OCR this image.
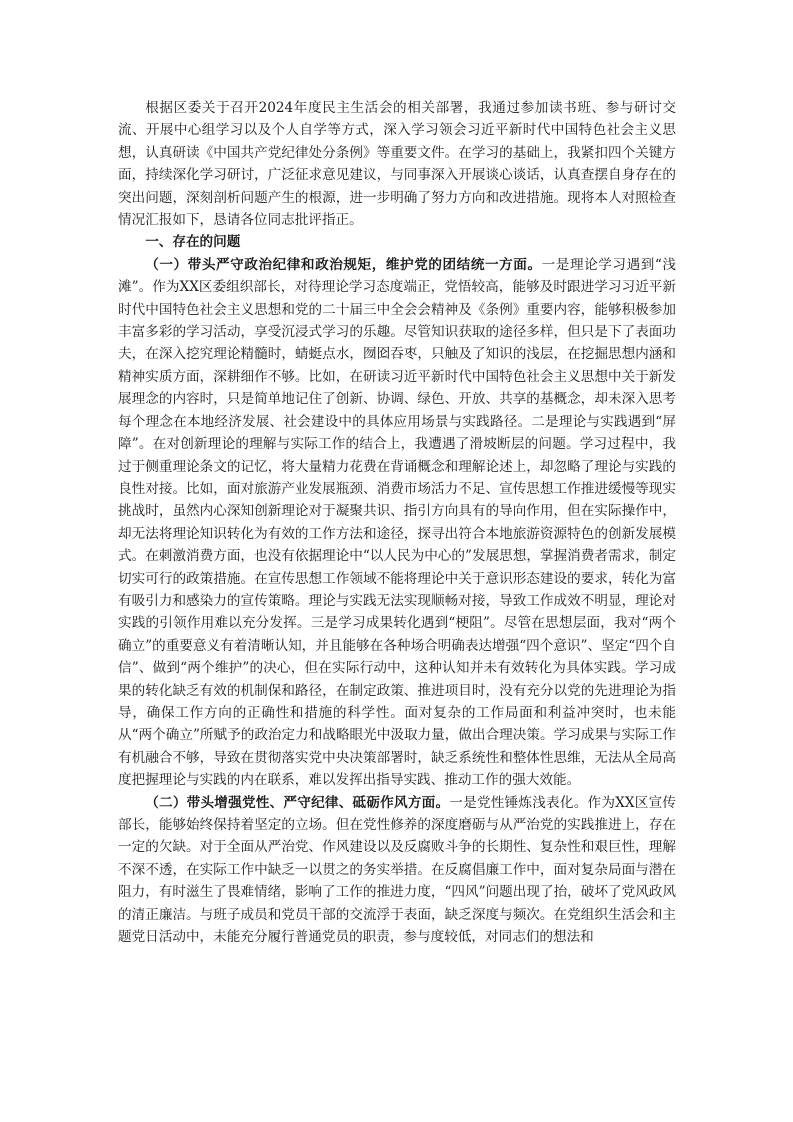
根据区委关于召开2024年度民主生活会的相关部署，我通过参加读书班、参与研讨交流、开展中心组学习以及个人自学等方式，深入学习领会习近平新时代中国特色社会主义思想，认真研读《中国共产党纪律处分条例》等重要文件。在学习的基础上，我紧扣四个关键方面，持续深化学习研讨，广泛征求意见建议，与同事深入开展谈心谈话，认真查摆自身存在的突出问题，深刻剖析问题产生的根源，进一步明确了努力方向和改进措施。现将本人对照检查情况汇报如下，恳请各位同志批评指正。

一、存在的问题

（一）带头严守政治纪律和政治规矩，维护党的团结统一方面。一是理论学习遇到“浅滩”。作为XX区委组织部长，对待理论学习态度端正，党悟较高，能够及时跟进学习习近平新时代中国特色社会主义思想和党的二十届三中全会会精神及《条例》重要内容，能够积极参加丰富多彩的学习活动，享受沉浸式学习的乐趣。尽管知识获取的途径多样，但只是下了表面功夫，在深入挖究理论精髓时，蜻蜓点水，囫囵吞枣，只触及了知识的浅层，在挖掘思想内涵和精神实质方面，深耕细作不够。比如，在研读习近平新时代中国特色社会主义思想中关于新发展理念的内容时，只是简单地记住了创新、协调、绿色、开放、共享的基概念，却未深入思考每个理念在本地经济发展、社会建设中的具体应用场景与实践路径。二是理论与实践遇到“屏障”。在对创新理论的理解与实际工作的结合上，我遭遇了滑坡断层的问题。学习过程中，我过于侧重理论条文的记忆，将大量精力花费在背诵概念和理解论述上，却忽略了理论与实践的良性对接。比如，面对旅游产业发展瓶颈、消费市场活力不足、宣传思想工作推进缓慢等现实挑战时，虽然内心深知创新理论对于凝聚共识、指引方向具有的导向作用，但在实际操作中，却无法将理论知识转化为有效的工作方法和途径，探寻出符合本地旅游资源特色的创新发展模式。在刺激消费方面，也没有依据理论中“以人民为中心的”发展思想，掌握消费者需求，制定切实可行的政策措施。在宣传思想工作领域不能将理论中关于意识形态建设的要求，转化为富有吸引力和感染力的宣传策略。理论与实践无法实现顺畅对接，导致工作成效不明显，理论对实践的引领作用难以充分发挥。三是学习成果转化遇到“梗阻”。尽管在思想层面，我对“两个确立”的重要意义有着清晰认知，并且能够在各种场合明确表达增强“四个意识”、坚定“四个自信”、做到“两个维护”的决心，但在实际行动中，这种认知并未有效转化为具体实践。学习成果的转化缺乏有效的机制保和路径，在制定政策、推进项目时，没有充分以党的先进理论为指导，确保工作方向的正确性和措施的科学性。面对复杂的工作局面和利益冲突时，也未能从“两个确立”所赋予的政治定力和战略眼光中汲取力量，做出合理决策。学习成果与实际工作有机融合不够，导致在贯彻落实党中央决策部署时，缺乏系统性和整体性思维，无法从全局高度把握理论与实践的内在联系，难以发挥出指导实践、推动工作的强大效能。

（二）带头增强党性、严守纪律、砥砺作风方面。一是党性锤炼浅表化。作为XX区宣传部长，能够始终保持着坚定的立场。但在党性修养的深度磨砺与从严治党的实践推进上，存在一定的欠缺。对于全面从严治党、作风建设以及反腐败斗争的长期性、复杂性和艰巨性，理解不深不透，在实际工作中缺乏一以贯之的务实举措。在反腐倡廉工作中，面对复杂局面与潜在阻力，有时滋生了畏难情绪，影响了工作的推进力度，“四风”问题出现了抬，破坏了党风政风的清正廉洁。与班子成员和党员干部的交流浮于表面，缺乏深度与频次。在党组织生活会和主题党日活动中，未能充分履行普通党员的职责，参与度较低，对同志们的想法和
